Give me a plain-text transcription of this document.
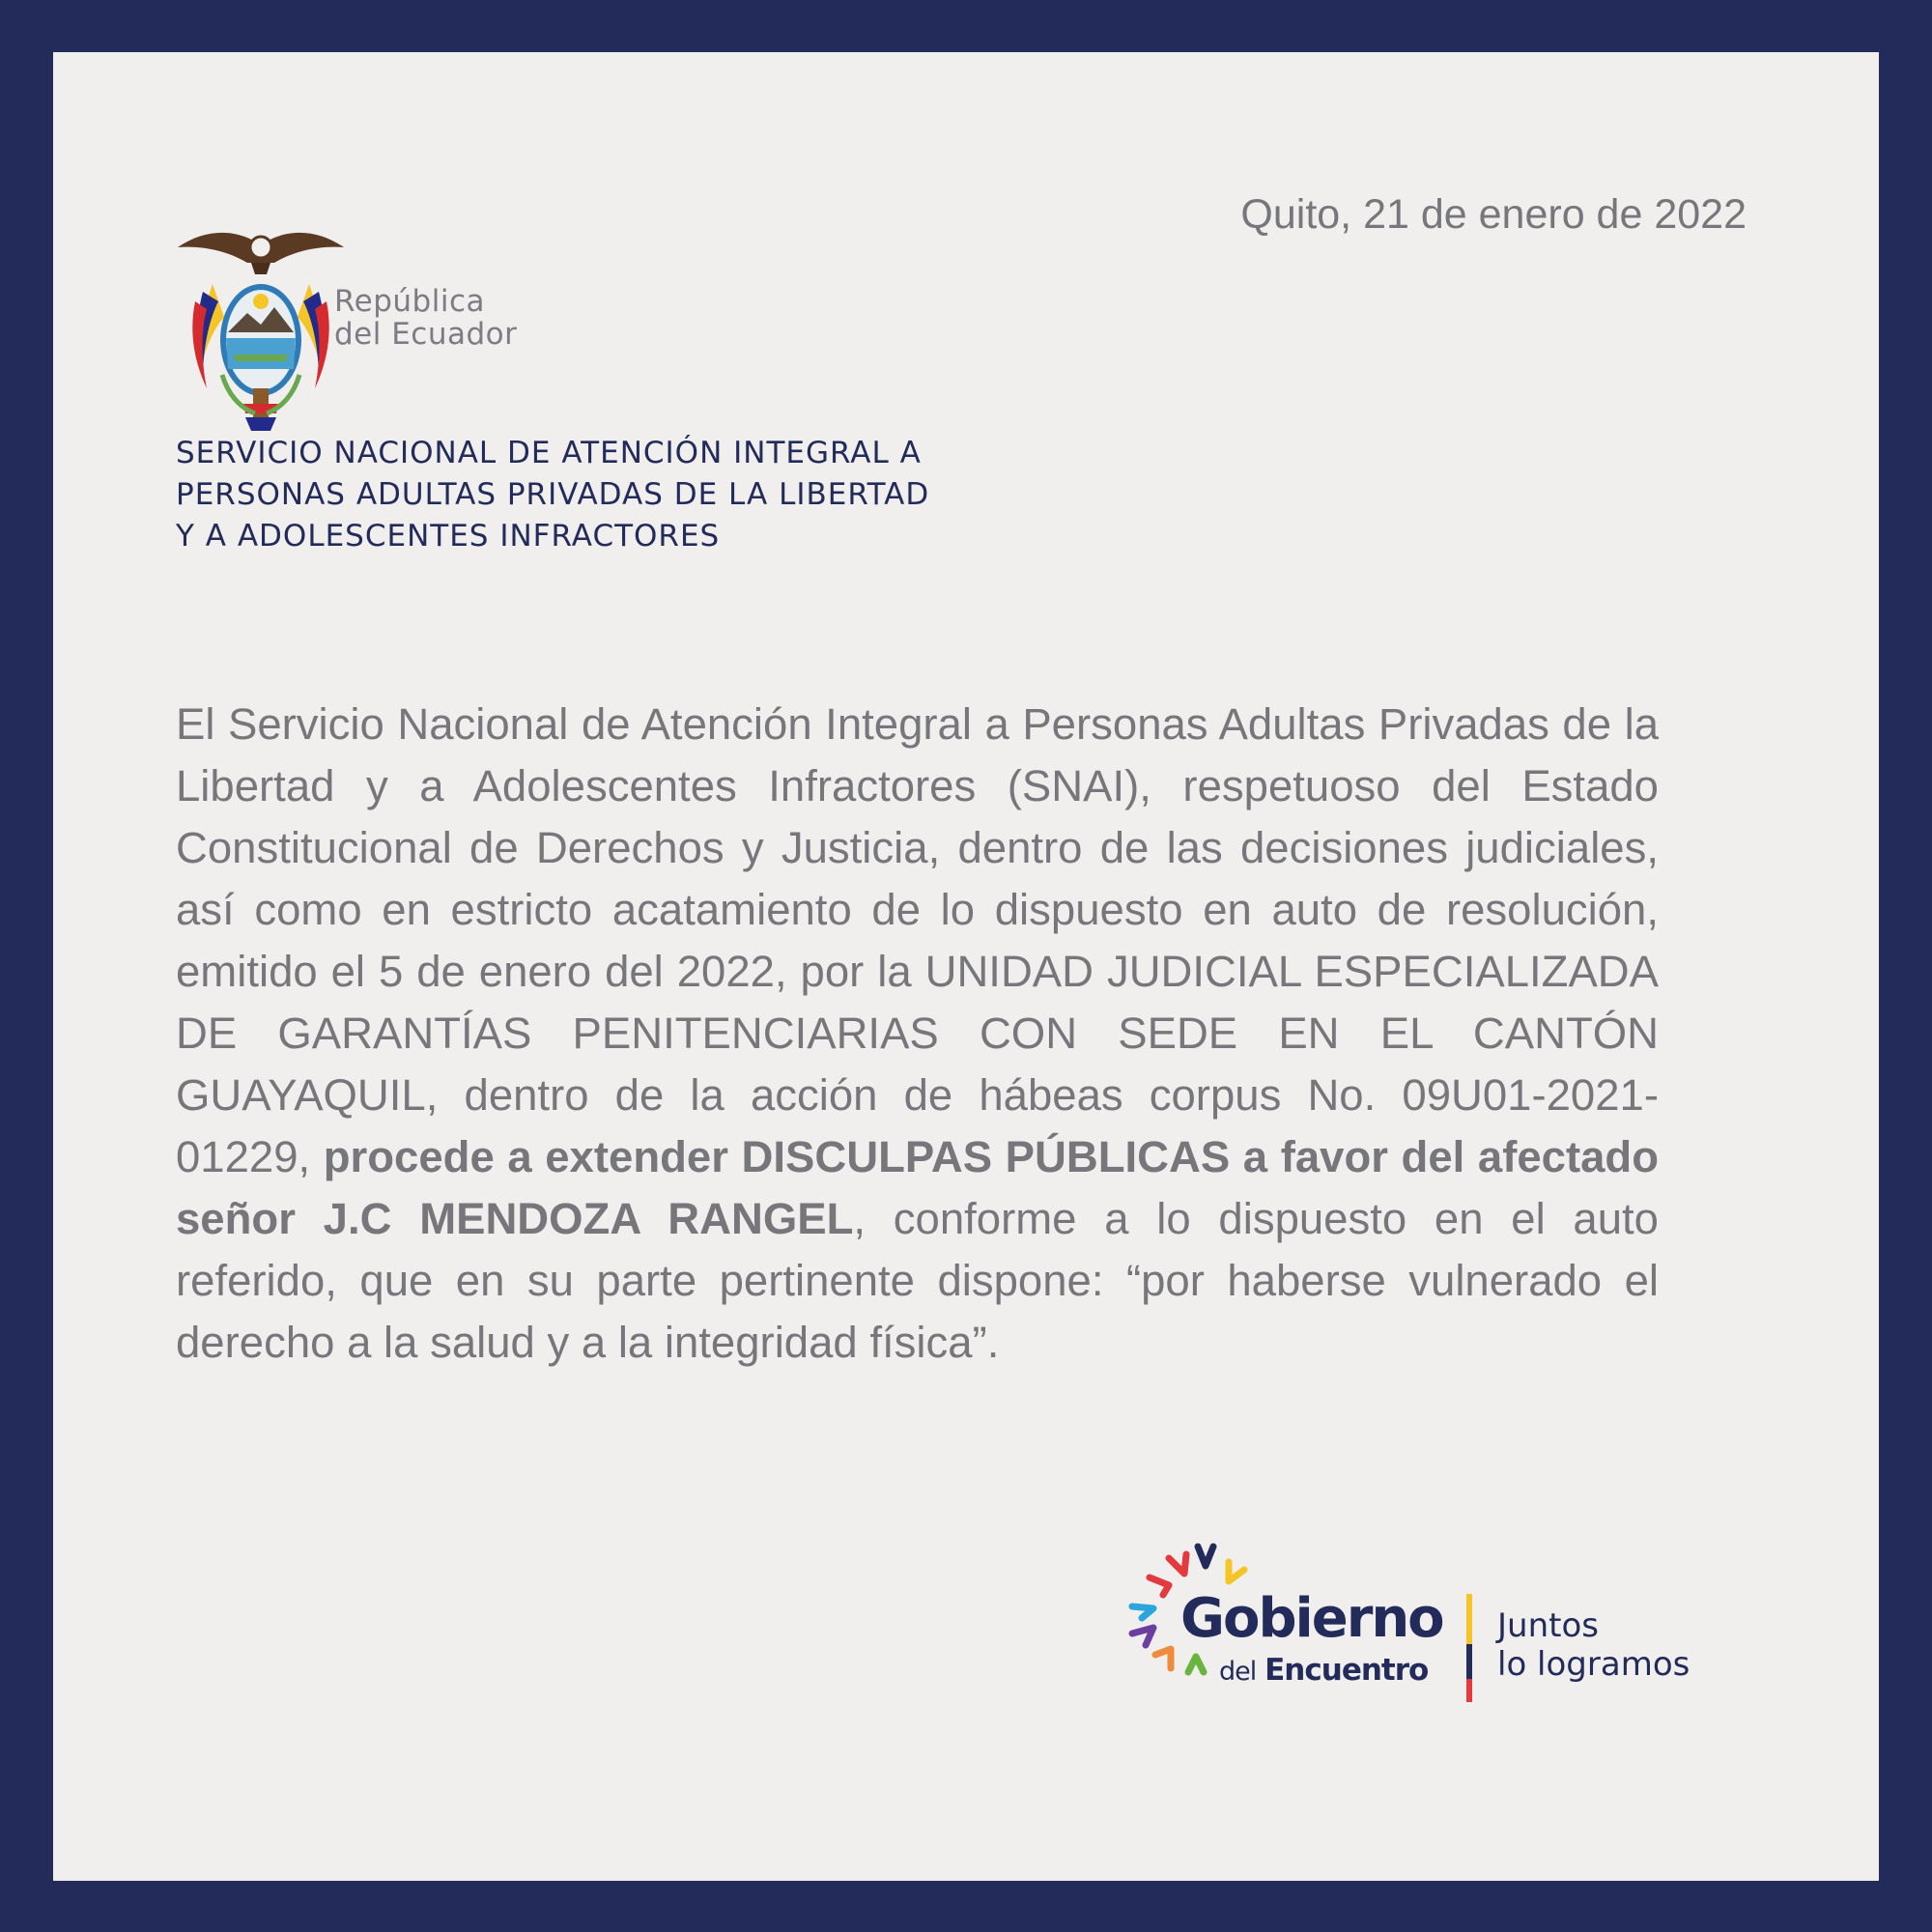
Quito, 21 de enero de 2022
República
del Ecuador
SERVICIO NACIONAL DE ATENCIÓN INTEGRAL A
PERSONAS ADULTAS PRIVADAS DE LA LIBERTAD
Y A ADOLESCENTES INFRACTORES
El Servicio Nacional de Atención Integral a Personas Adultas Privadas de la Libertad y a Adolescentes Infractores (SNAI), respetuoso del Estado Constitucional de Derechos y Justicia, dentro de las decisiones judiciales, así como en estricto acatamiento de lo dispuesto en auto de resolución, emitido el 5 de enero del 2022, por la UNIDAD JUDICIAL ESPECIALIZADA DE GARANTÍAS PENITENCIARIAS CON SEDE EN EL CANTÓN GUAYAQUIL, dentro de la acción de hábeas corpus No. 09U01-2021-01229, procede a extender DISCULPAS PÚBLICAS a favor del afectado señor J.C MENDOZA RANGEL, conforme a lo dispuesto en el auto referido, que en su parte pertinente dispone: “por haberse vulnerado el derecho a la salud y a la integridad física”.
Gobierno
del Encuentro
Juntos
lo logramos
